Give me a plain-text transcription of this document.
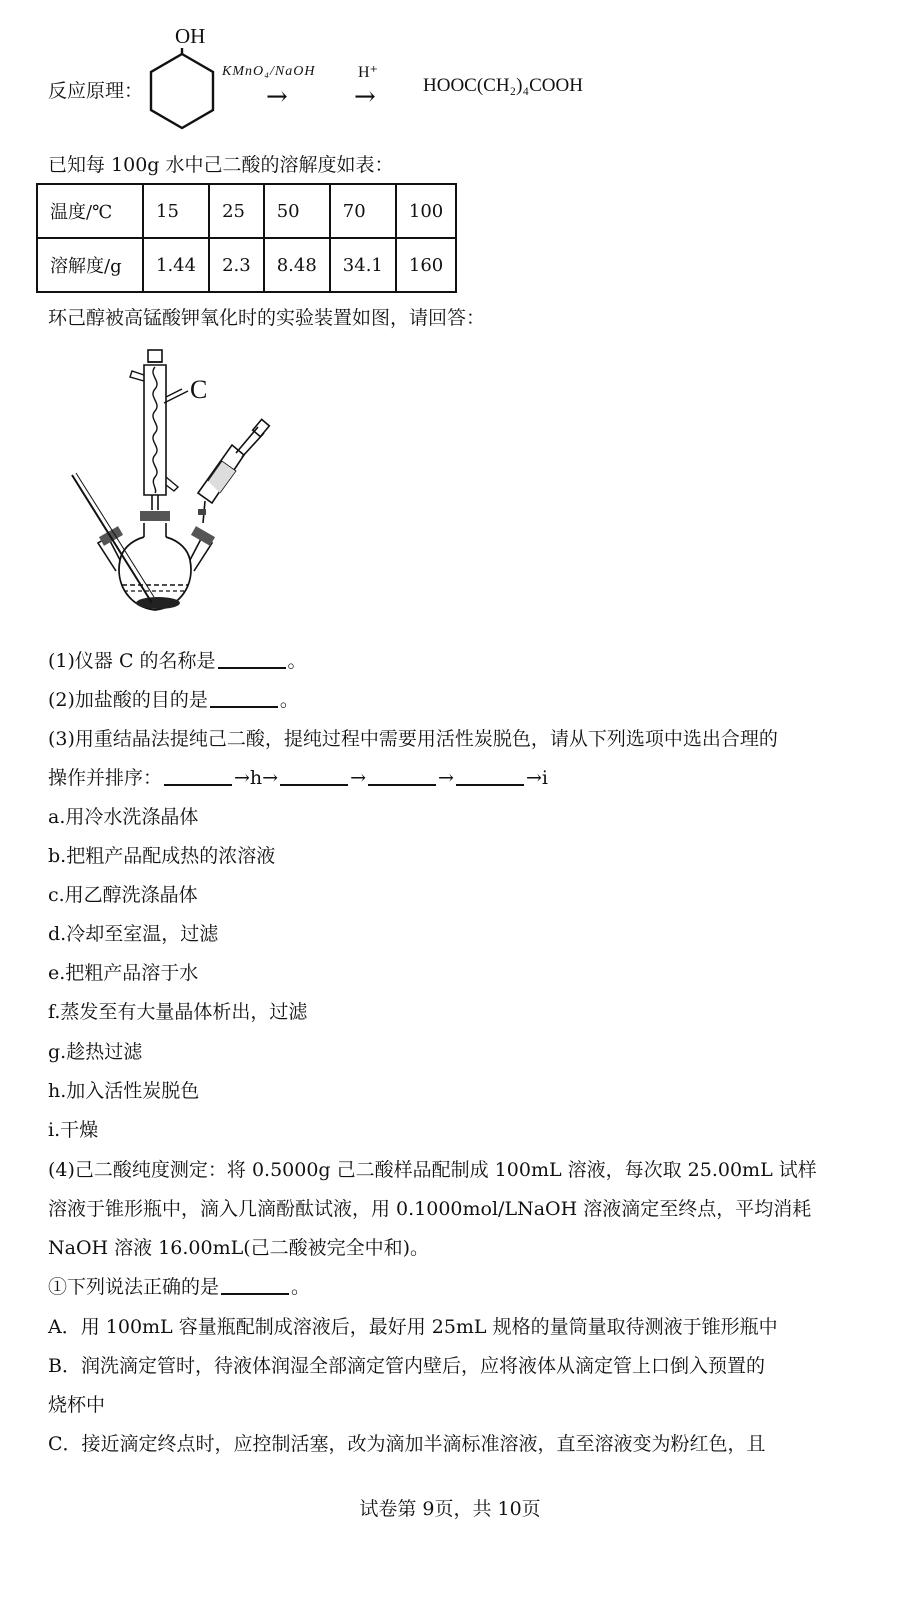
反应原理：
OH
KMnO₄/NaOH
→
H⁺
→ HOOC(CH₂)₄COOH
已知每 100g 水中己二酸的溶解度如表：
温度/℃	15	25	50	70	100
溶解度/g	1.44	2.3	8.48	34.1	160
环己醇被高锰酸钾氧化时的实验装置如图，请回答：
C
(1)仪器 C 的名称是	。
(2)加盐酸的目的是	。
(3)用重结晶法提纯己二酸，提纯过程中需要用活性炭脱色，请从下列选项中选出合理的
操作并排序：	→h→	→	→	→i
a.用冷水洗涤晶体
b.把粗产品配成热的浓溶液
c.用乙醇洗涤晶体
d.冷却至室温，过滤
e.把粗产品溶于水
f.蒸发至有大量晶体析出，过滤
g.趁热过滤
h.加入活性炭脱色
i.干燥
(4)己二酸纯度测定：将 0.5000g 己二酸样品配制成 100mL 溶液，每次取 25.00mL 试样
溶液于锥形瓶中，滴入几滴酚酞试液，用 0.1000mol/LNaOH 溶液滴定至终点，平均消耗
NaOH 溶液 16.00mL(己二酸被完全中和)。
①下列说法正确的是	。
A．用 100mL 容量瓶配制成溶液后，最好用 25mL 规格的量筒量取待测液于锥形瓶中
B．润洗滴定管时，待液体润湿全部滴定管内壁后，应将液体从滴定管上口倒入预置的
烧杯中
C．接近滴定终点时，应控制活塞，改为滴加半滴标准溶液，直至溶液变为粉红色，且
试卷第 9页，共 10页
